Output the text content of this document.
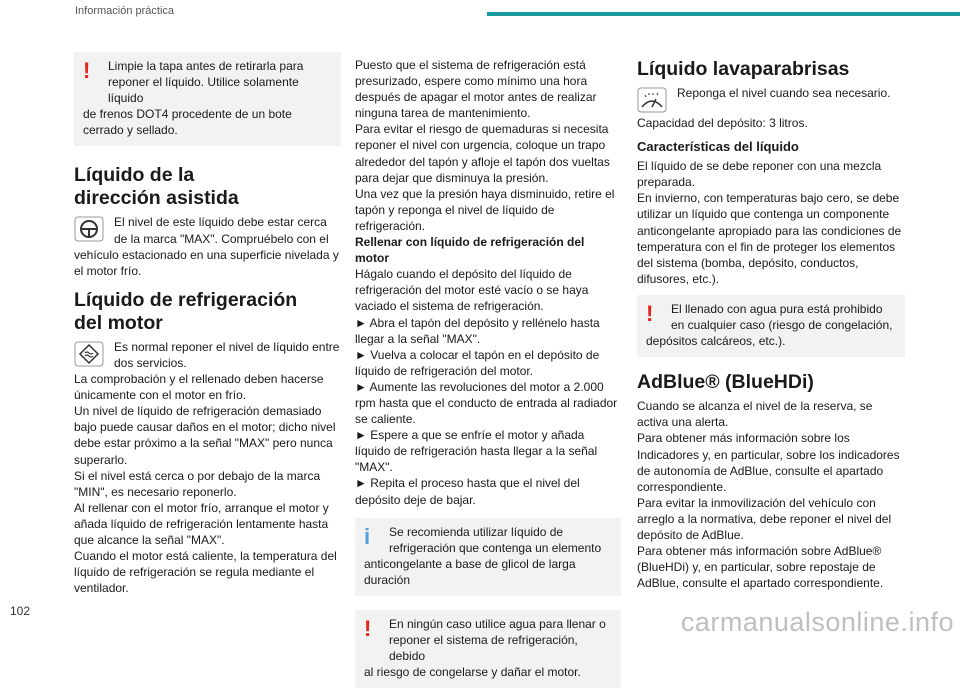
Información práctica
!	Limpie la tapa antes de retirarla para reponer el líquido. Utilice solamente líquido

de frenos DOT4 procedente de un bote cerrado y sellado.

Líquido de la dirección asistida

El nivel de este líquido debe estar cerca de la marca "MAX". Compruébelo con el

vehículo estacionado en una superficie nivelada y el motor frío.

Líquido de refrigeración del motor

Es normal reponer el nivel de líquido entre dos servicios.

La comprobación y el rellenado deben hacerse únicamente con el motor en frío.

Un nivel de líquido de refrigeración demasiado bajo puede causar daños en el motor; dicho nivel debe estar próximo a la señal "MAX" pero nunca superarlo.

Si el nivel está cerca o por debajo de la marca "MIN", es necesario reponerlo.

Al rellenar con el motor frío, arranque el motor y añada líquido de refrigeración lentamente hasta que alcance la señal "MAX".

Cuando el motor está caliente, la temperatura del líquido de refrigeración se regula mediante el ventilador.

Puesto que el sistema de refrigeración está presurizado, espere como mínimo una hora después de apagar el motor antes de realizar ninguna tarea de mantenimiento.

Para evitar el riesgo de quemaduras si necesita reponer el nivel con urgencia, coloque un trapo alrededor del tapón y afloje el tapón dos vueltas para dejar que disminuya la presión.

Una vez que la presión haya disminuido, retire el tapón y reponga el nivel de líquido de refrigeración.

Rellenar con líquido de refrigeración del motor

Hágalo cuando el depósito del líquido de refrigeración del motor esté vacío o se haya vaciado el sistema de refrigeración.

► Abra el tapón del depósito y rellénelo hasta llegar a la señal "MAX".

► Vuelva a colocar el tapón en el depósito de líquido de refrigeración del motor.

► Aumente las revoluciones del motor a 2.000 rpm hasta que el conducto de entrada al radiador se caliente.

► Espere a que se enfríe el motor y añada líquido de refrigeración hasta llegar a la señal "MAX".

► Repita el proceso hasta que el nivel del depósito deje de bajar.

i	Se recomienda utilizar líquido de refrigeración que contenga un elemento

anticongelante a base de glicol de larga duración

!	En ningún caso utilice agua para llenar o reponer el sistema de refrigeración, debido

al riesgo de congelarse y dañar el motor.

Líquido lavaparabrisas

Reponga el nivel cuando sea necesario.

Capacidad del depósito: 3 litros.

Características del líquido

El líquido de se debe reponer con una mezcla preparada.

En invierno, con temperaturas bajo cero, se debe utilizar un líquido que contenga un componente anticongelante apropiado para las condiciones de temperatura con el fin de proteger los elementos del sistema (bomba, depósito, conductos, difusores, etc.).

!	El llenado con agua pura está prohibido en cualquier caso (riesgo de congelación,

depósitos calcáreos, etc.).

AdBlue® (BlueHDi)

Cuando se alcanza el nivel de la reserva, se activa una alerta.

Para obtener más información sobre los Indicadores y, en particular, sobre los indicadores de autonomía de AdBlue, consulte el apartado correspondiente.

Para evitar la inmovilización del vehículo con arreglo a la normativa, debe reponer el nivel del depósito de AdBlue.

Para obtener más información sobre AdBlue® (BlueHDi) y, en particular, sobre repostaje de AdBlue, consulte el apartado correspondiente.

102	carmanualsonline.info
